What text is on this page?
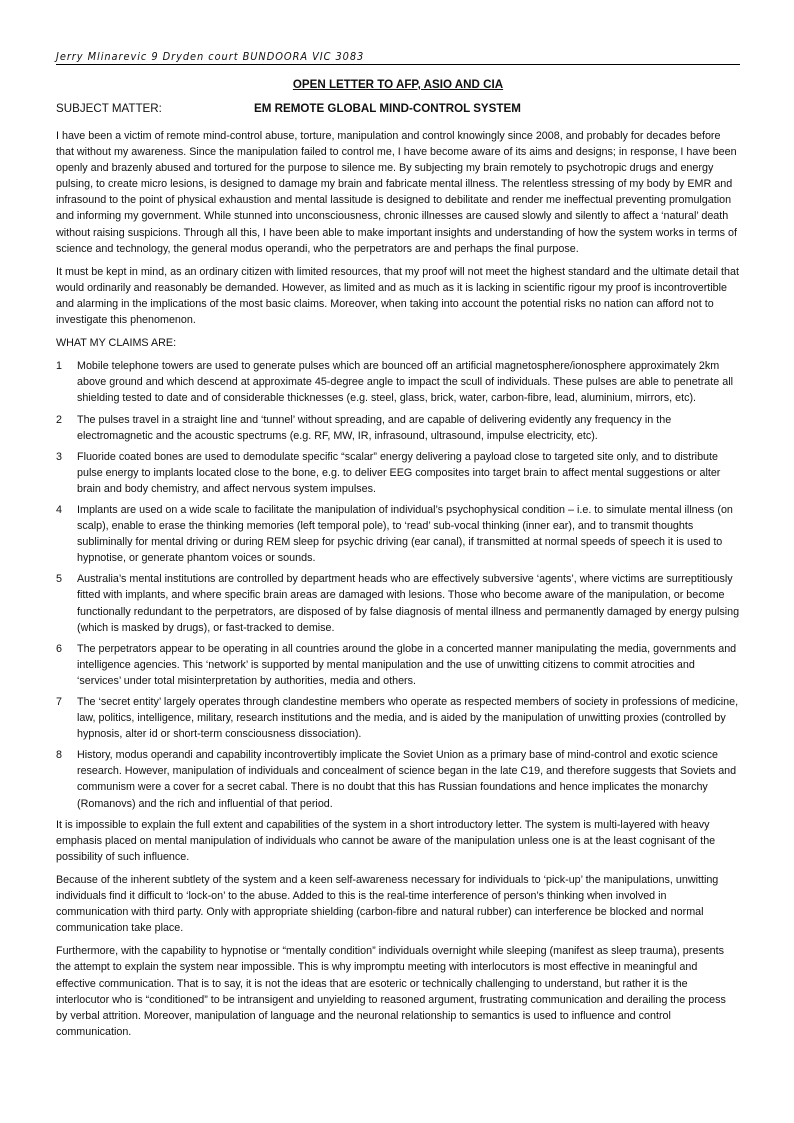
Jerry Mlinarevic 9 Dryden court BUNDOORA VIC 3083
OPEN LETTER TO AFP, ASIO AND CIA
SUBJECT MATTER:	EM REMOTE GLOBAL MIND-CONTROL SYSTEM

I have been a victim of remote mind-control abuse, torture, manipulation and control knowingly since 2008, and probably for decades before that without my awareness. Since the manipulation failed to control me, I have become aware of its aims and designs; in response, I have been openly and brazenly abused and tortured for the purpose to silence me. By subjecting my brain remotely to psychotropic drugs and energy pulsing, to create micro lesions, is designed to damage my brain and fabricate mental illness. The relentless stressing of my body by EMR and infrasound to the point of physical exhaustion and mental lassitude is designed to debilitate and render me ineffectual preventing promulgation and informing my government. While stunned into unconsciousness, chronic illnesses are caused slowly and silently to affect a ‘natural’ death without raising suspicions. Through all this, I have been able to make important insights and understanding of how the system works in terms of science and technology, the general modus operandi, who the perpetrators are and perhaps the final purpose.

It must be kept in mind, as an ordinary citizen with limited resources, that my proof will not meet the highest standard and the ultimate detail that would ordinarily and reasonably be demanded. However, as limited and as much as it is lacking in scientific rigour my proof is incontrovertible and alarming in the implications of the most basic claims. Moreover, when taking into account the potential risks no nation can afford not to investigate this phenomenon.

WHAT MY CLAIMS ARE:

1 Mobile telephone towers are used to generate pulses which are bounced off an artificial magnetosphere/ionosphere approximately 2km above ground and which descend at approximate 45-degree angle to impact the scull of individuals. These pulses are able to penetrate all shielding tested to date and of considerable thicknesses (e.g. steel, glass, brick, water, carbon-fibre, lead, aluminium, mirrors, etc).
2 The pulses travel in a straight line and ‘tunnel’ without spreading, and are capable of delivering evidently any frequency in the electromagnetic and the acoustic spectrums (e.g. RF, MW, IR, infrasound, ultrasound, impulse electricity, etc).
3 Fluoride coated bones are used to demodulate specific “scalar” energy delivering a payload close to targeted site only, and to distribute pulse energy to implants located close to the bone, e.g. to deliver EEG composites into target brain to affect mental suggestions or alter brain and body chemistry, and affect nervous system impulses.
4 Implants are used on a wide scale to facilitate the manipulation of individual’s psychophysical condition – i.e. to simulate mental illness (on scalp), enable to erase the thinking memories (left temporal pole), to ‘read’ sub-vocal thinking (inner ear), and to transmit thoughts subliminally for mental driving or during REM sleep for psychic driving (ear canal), if transmitted at normal speeds of speech it is used to hypnotise, or generate phantom voices or sounds.
5 Australia’s mental institutions are controlled by department heads who are effectively subversive ‘agents’, where victims are surreptitiously fitted with implants, and where specific brain areas are damaged with lesions. Those who become aware of the manipulation, or become functionally redundant to the perpetrators, are disposed of by false diagnosis of mental illness and permanently damaged by energy pulsing (which is masked by drugs), or fast-tracked to demise.
6 The perpetrators appear to be operating in all countries around the globe in a concerted manner manipulating the media, governments and intelligence agencies. This ‘network’ is supported by mental manipulation and the use of unwitting citizens to commit atrocities and ‘services’ under total misinterpretation by authorities, media and others.
7 The ‘secret entity’ largely operates through clandestine members who operate as respected members of society in professions of medicine, law, politics, intelligence, military, research institutions and the media, and is aided by the manipulation of unwitting proxies (controlled by hypnosis, alter id or short-term consciousness dissociation).
8 History, modus operandi and capability incontrovertibly implicate the Soviet Union as a primary base of mind-control and exotic science research. However, manipulation of individuals and concealment of science began in the late C19, and therefore suggests that Soviets and communism were a cover for a secret cabal. There is no doubt that this has Russian foundations and hence implicates the monarchy (Romanovs) and the rich and influential of that period.

It is impossible to explain the full extent and capabilities of the system in a short introductory letter. The system is multi-layered with heavy emphasis placed on mental manipulation of individuals who cannot be aware of the manipulation unless one is at the least cognisant of the possibility of such influence.

Because of the inherent subtlety of the system and a keen self-awareness necessary for individuals to ‘pick-up’ the manipulations, unwitting individuals find it difficult to ‘lock-on’ to the abuse. Added to this is the real-time interference of person’s thinking when involved in communication with third party. Only with appropriate shielding (carbon-fibre and natural rubber) can interference be blocked and normal communication take place.

Furthermore, with the capability to hypnotise or “mentally condition” individuals overnight while sleeping (manifest as sleep trauma), presents the attempt to explain the system near impossible. This is why impromptu meeting with interlocutors is most effective in meaningful and effective communication. That is to say, it is not the ideas that are esoteric or technically challenging to understand, but rather it is the interlocutor who is “conditioned” to be intransigent and unyielding to reasoned argument, frustrating communication and derailing the process by verbal attrition. Moreover, manipulation of language and the neuronal relationship to semantics is used to influence and control communication.
